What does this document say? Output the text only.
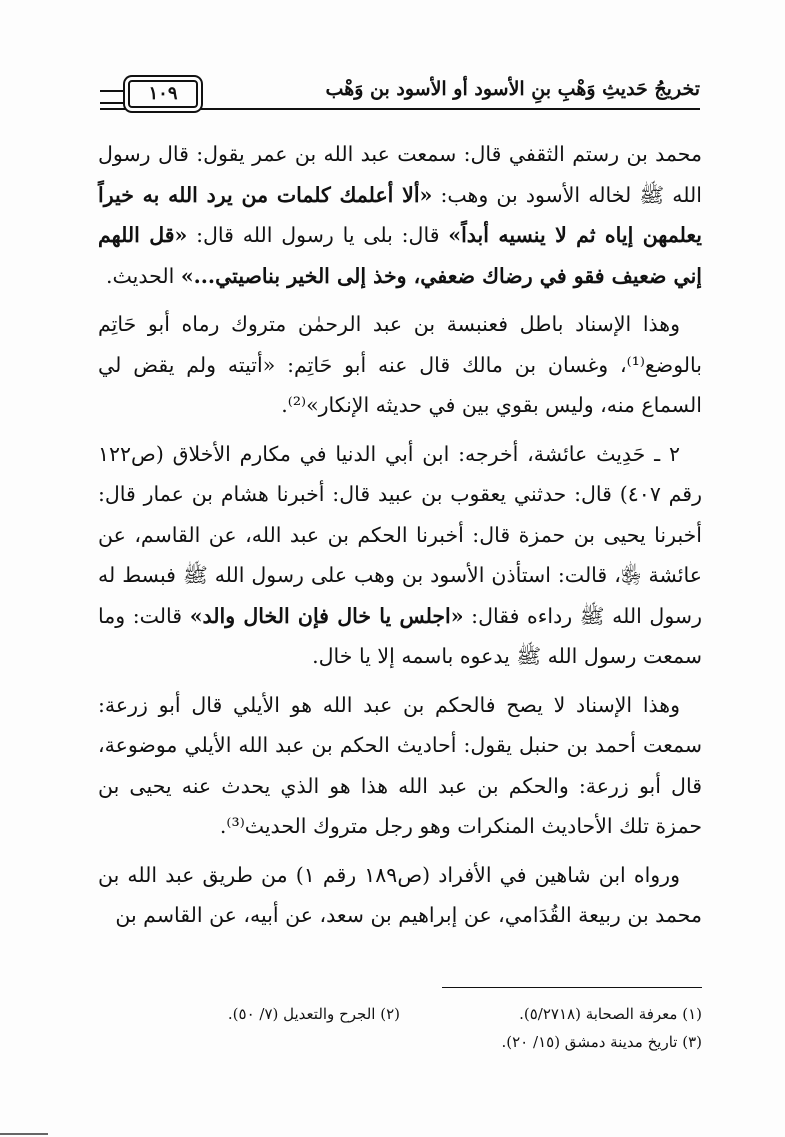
١٠٩	تخريجُ حَديثِ وَهْبِ بنِ الأسود أو الأسود بن وَهْب

محمد بن رستم الثقفي قال: سمعت عبد الله بن عمر يقول: قال رسول الله ﷺ لخاله الأسود بن وهب: «ألا أعلمك كلمات من يرد الله به خيراً يعلمهن إياه ثم لا ينسيه أبداً» قال: بلى يا رسول الله قال: «قل اللهم إني ضعيف فقو في رضاك ضعفي، وخذ إلى الخير بناصيتي...» الحديث.

وهذا الإسناد باطل فعنبسة بن عبد الرحمٰن متروك رماه أبو حَاتِم بالوضع⁽¹⁾، وغسان بن مالك قال عنه أبو حَاتِم: «أتيته ولم يقض لي السماع منه، وليس بقوي بين في حديثه الإنكار»⁽²⁾.

٢ ـ حَدِيث عائشة، أخرجه: ابن أبي الدنيا في مكارم الأخلاق (ص١٢٢ رقم ٤٠٧) قال: حدثني يعقوب بن عبيد قال: أخبرنا هشام بن عمار قال: أخبرنا يحيى بن حمزة قال: أخبرنا الحكم بن عبد الله، عن القاسم، عن عائشة ﵂، قالت: استأذن الأسود بن وهب على رسول الله ﷺ فبسط له رسول الله ﷺ رداءه فقال: «اجلس يا خال فإن الخال والد» قالت: وما سمعت رسول الله ﷺ يدعوه باسمه إلا يا خال.

وهذا الإسناد لا يصح فالحكم بن عبد الله هو الأيلي قال أبو زرعة: سمعت أحمد بن حنبل يقول: أحاديث الحكم بن عبد الله الأيلي موضوعة، قال أبو زرعة: والحكم بن عبد الله هذا هو الذي يحدث عنه يحيى بن حمزة تلك الأحاديث المنكرات وهو رجل متروك الحديث⁽³⁾.

ورواه ابن شاهين في الأفراد (ص١٨٩ رقم ١) من طريق عبد الله بن محمد بن ربيعة القُدَامي، عن إبراهيم بن سعد، عن أبيه، عن القاسم بن

(١) معرفة الصحابة (٥/٢٧١٨).
(٢) الجرح والتعديل (٧/ ٥٠).
(٣) تاريخ مدينة دمشق (١٥/ ٢٠).
